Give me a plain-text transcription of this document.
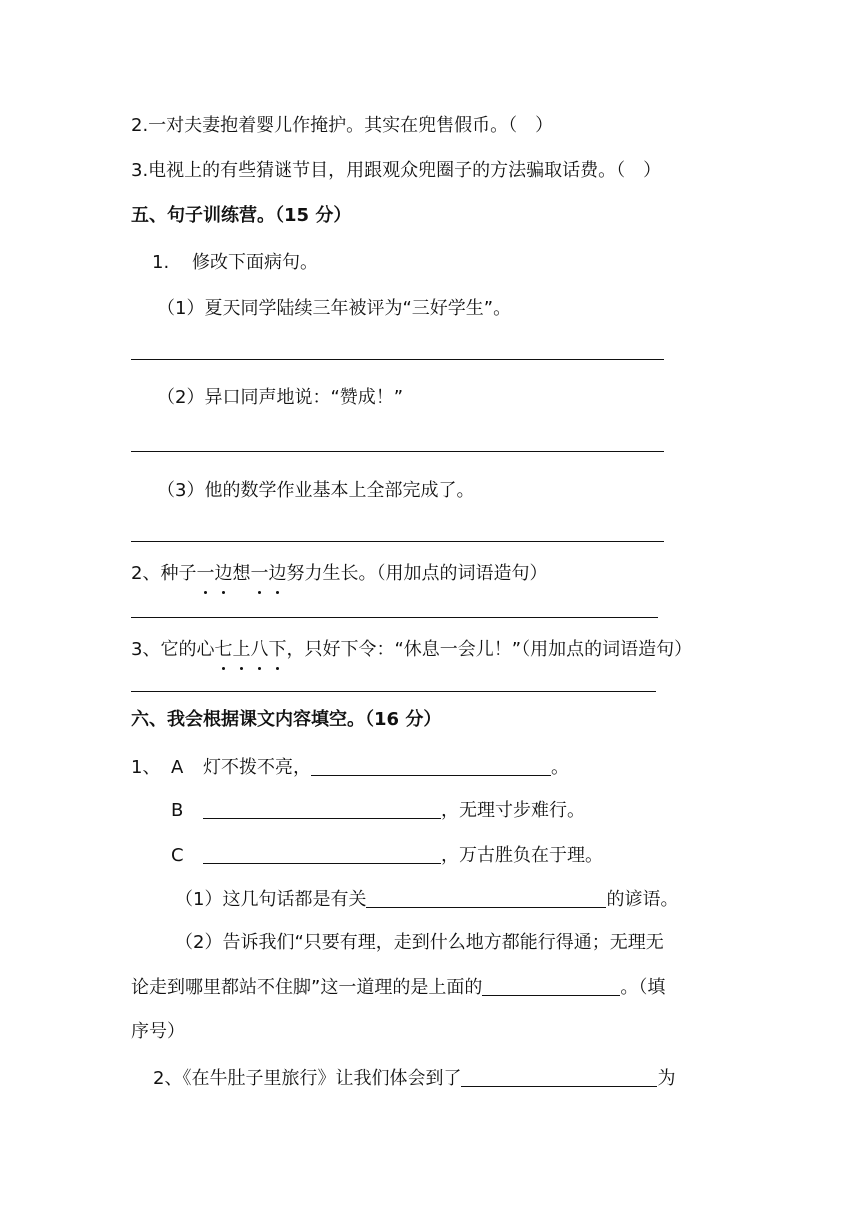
2.一对夫妻抱着婴儿作掩护。其实在兜售假币。（　）
3.电视上的有些猜谜节目，用跟观众兜圈子的方法骗取话费。（　）
五、句子训练营。（15 分）
1. 修改下面病句。
（1）夏天同学陆续三年被评为“三好学生”。
（2）异口同声地说：“赞成！”
（3）他的数学作业基本上全部完成了。
2、种子一边想一边努力生长。（用加点的词语造句）
3、它的心七上八下，只好下令：“休息一会儿！”（用加点的词语造句）
六、我会根据课文内容填空。（16 分）
1、 A 灯不拨不亮，	。
B	，无理寸步难行。
C	，万古胜负在于理。
（1）这几句话都是有关	的谚语。
（2）告诉我们“只要有理，走到什么地方都能行得通；无理无
论走到哪里都站不住脚”这一道理的是上面的	。（填
序号）
2、《在牛肚子里旅行》让我们体会到了	为
